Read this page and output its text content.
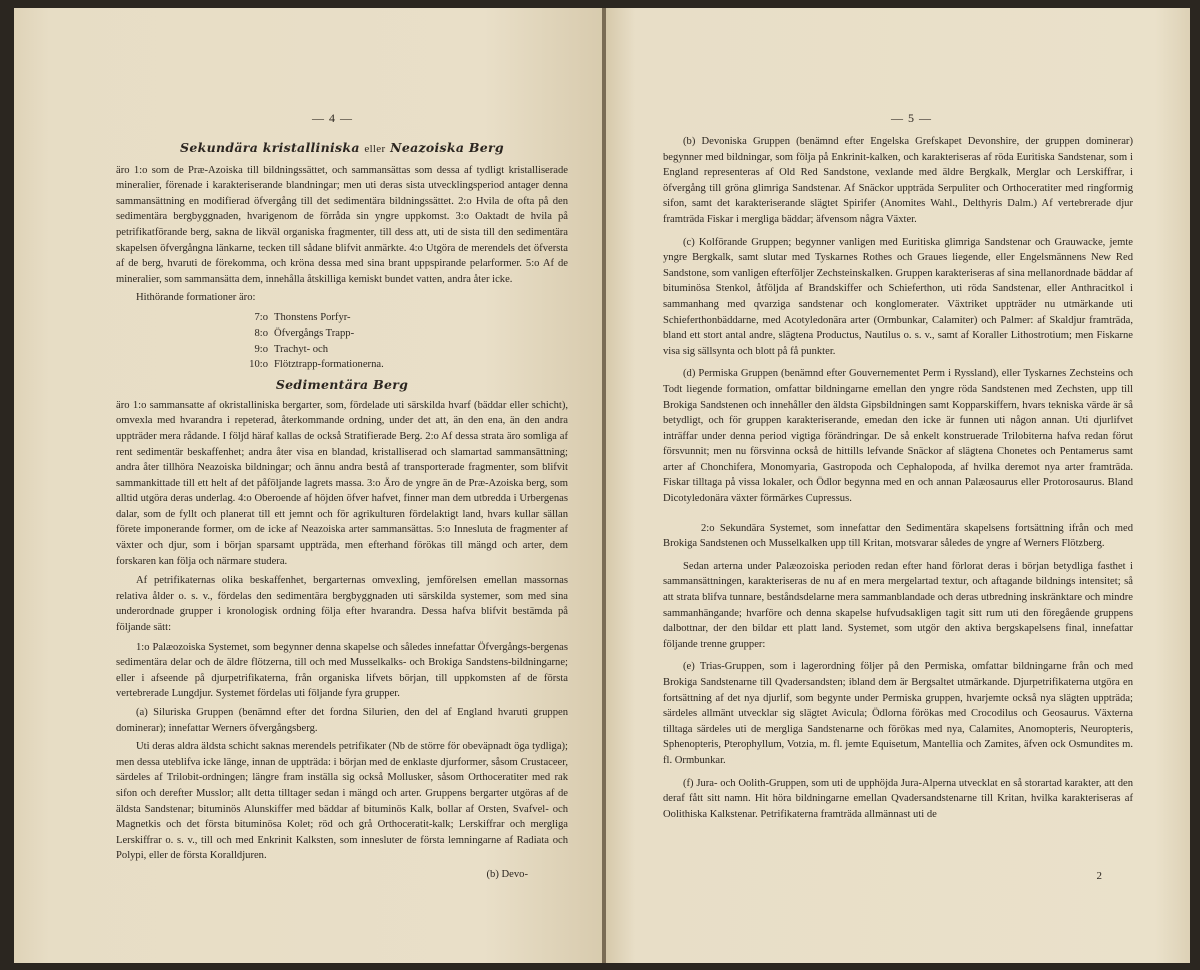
— 4 —
Sekundära kristalliniska eller Neazoiska Berg

äro 1:o som de Præ-Azoiska till bildningssättet, och sammansättas som dessa af tydligt kristalliserade mineralier, förenade i karakteriserande blandningar; men uti deras sista utvecklingsperiod antager denna sammansättning en modifierad öfvergång till det sedimentära bildningssättet. 2:o Hvila de ofta på den sedimentära bergbyggnaden, hvarigenom de förråda sin yngre uppkomst. 3:o Oaktadt de hvila på petrifikatförande berg, sakna de likväl organiska fragmenter, till dess att, uti de sista till den sedimentära skapelsen öfvergångna länkarne, tecken till sådane blifvit anmärkte. 4:o Utgöra de merendels det öfversta af de berg, hvaruti de förekomma, och kröna dessa med sina brant uppspirande pelarformer. 5:o Af de mineralier, som sammansätta dem, innehålla åtskilliga kemiskt bundet vatten, andra åter icke.

Hithörande formationer äro:

7:o Thonstens Porfyr-
8:o Öfvergångs Trapp-
9:o Trachyt- och
10:o Flötztrapp-formationerna.
Sedimentära Berg

äro 1:o sammansatte af okristalliniska bergarter, som, fördelade uti särskilda hvarf (bäddar eller schicht), omvexla med hvarandra i repeterad, återkommande ordning, under det att, än den ena, än den andra uppträder mera rådande. I följd häraf kallas de också Stratifierade Berg. 2:o Af dessa strata äro somliga af rent sedimentär beskaffenhet; andra åter visa en blandad, kristalliserad och slamartad sammansättning; andra åter tillhöra Neazoiska bildningar; och ännu andra bestå af transporterade fragmenter, som blifvit sammankittade till ett helt af det påföljande lagrets massa. 3:o Äro de yngre än de Præ-Azoiska berg, som alltid utgöra deras underlag. 4:o Oberoende af höjden öfver hafvet, finner man dem utbredda i Urbergenas dalar, som de fyllt och planerat till ett jemnt och för agrikulturen fördelaktigt land, hvars kullar sällan förete imponerande former, om de icke af Neazoiska arter sammansättas. 5:o Innesluta de fragmenter af växter och djur, som i början sparsamt uppträda, men efterhand förökas till mängd och arter, dem forskaren kan följa och närmare studera.

Af petrifikaternas olika beskaffenhet, bergarternas omvexling, jemförelsen emellan massornas relativa ålder o. s. v., fördelas den sedimentära bergbyggnaden uti särskilda systemer, som med sina underordnade grupper i kronologisk ordning följa efter hvarandra. Dessa hafva blifvit bestämda på följande sätt:

1:o Palæozoiska Systemet, som begynner denna skapelse och således innefattar Öfvergångs-bergenas sedimentära delar och de äldre flötzerna, till och med Musselkalks- och Brokiga Sandstens-bildningarne; eller i afseende på djurpetrifikaterna, från organiska lifvets början, till uppkomsten af de första vertebrerade Lungdjur. Systemet fördelas uti följande fyra grupper.

(a) Siluriska Gruppen (benämnd efter det fordna Silurien, den del af England hvaruti gruppen dominerar); innefattar Werners öfvergångsberg.

Uti deras aldra äldsta schicht saknas merendels petrifikater (Nb de större för obeväpnadt öga tydliga); men dessa uteblifva icke länge, innan de uppträda: i början med de enklaste djurformer, såsom Crustaceer, särdeles af Trilobit-ordningen; längre fram inställa sig också Mollusker, såsom Orthoceratiter med rak sifon och derefter Musslor; allt detta tilltager sedan i mängd och arter. Gruppens bergarter utgöras af de äldsta Sandstenar; bituminös Alunskiffer med bäddar af bituminös Kalk, bollar af Orsten, Svafvel- och Magnetkis och det första bituminösa Kolet; röd och grå Orthoceratit-kalk; Lerskiffrar och mergliga Lerskiffrar o. s. v., till och med Enkrinit Kalksten, som innesluter de första lemningarne af Radiata och Polypi, eller de första Koralldjuren.

(b) Devo-
— 5 —

(b) Devoniska Gruppen (benämnd efter Engelska Grefskapet Devonshire, der gruppen dominerar) begynner med bildningar, som följa på Enkrinit-kalken, och karakteriseras af röda Euritiska Sandstenar, som i England representeras af Old Red Sandstone, vexlande med äldre Bergkalk, Merglar och Lerskiffrar, i öfvergång till gröna glimriga Sandstenar. Af Snäckor uppträda Serpuliter och Orthoceratiter med ringformig sifon, samt det karakteriserande slägtet Spirifer (Anomites Wahl., Delthyris Dalm.) Af vertebrerade djur framträda Fiskar i mergliga bäddar; äfvensom några Växter.

(c) Kolförande Gruppen; begynner vanligen med Euritiska glimriga Sandstenar och Grauwacke, jemte yngre Bergkalk, samt slutar med Tyskarnes Rothes och Graues liegende, eller Engelsmännens New Red Sandstone, som vanligen efterföljer Zechsteinskalken. Gruppen karakteriseras af sina mellanordnade bäddar af bituminösa Stenkol, åtföljda af Brandskiffer och Schieferthon, uti röda Sandstenar, eller Anthracitkol i sammanhang med qvarziga sandstenar och konglomerater. Växtriket uppträder nu utmärkande uti Schieferthonbäddarne, med Acotyledonära arter (Ormbunkar, Calamiter) och Palmer: af Skaldjur framträda, bland ett stort antal andre, slägtena Productus, Nautilus o. s. v., samt af Koraller Lithostrotium; men Fiskarne visa sig sällsynta och blott på få punkter.

(d) Permiska Gruppen (benämnd efter Gouvernementet Perm i Ryssland), eller Tyskarnes Zechsteins och Todt liegende formation, omfattar bildningarne emellan den yngre röda Sandstenen med Zechsten, upp till Brokiga Sandstenen och innehåller den äldsta Gipsbildningen samt Kopparskiffern, hvars tekniska värde är så betydligt, och för gruppen karakteriserande, emedan den icke är funnen uti någon annan. Uti djurlifvet inträffar under denna period vigtiga förändringar. De så enkelt konstruerade Trilobiterna hafva redan förut försvunnit; men nu försvinna också de hittills lefvande Snäckor af slägtena Chonetes och Pentamerus samt arter af Chonchifera, Monomyaria, Gastropoda och Cephalopoda, af hvilka deremot nya arter framträda. Fiskar tilltaga på vissa lokaler, och Ödlor begynna med en och annan Palæosaurus eller Protorosaurus. Bland Dicotyledonära växter förmärkes Cupressus.

2:o Sekundära Systemet, som innefattar den Sedimentära skapelsens fortsättning ifrån och med Brokiga Sandstenen och Musselkalken upp till Kritan, motsvarar således de yngre af Werners Flötzberg.

Sedan arterna under Palæozoiska perioden redan efter hand förlorat deras i början betydliga fasthet i sammansättningen, karakteriseras de nu af en mera mergelartad textur, och aftagande bildnings intensitet; så att strata blifva tunnare, beståndsdelarne mera sammanblandade och deras utbredning inskränktare och mindre sammanhängande; hvarföre och denna skapelse hufvudsakligen tagit sitt rum uti den föregående gruppens dalbottnar, der den bildar ett platt land. Systemet, som utgör den aktiva bergskapelsens final, innefattar följande trenne grupper:

(e) Trias-Gruppen, som i lagerordning följer på den Permiska, omfattar bildningarne från och med Brokiga Sandstenarne till Qvadersandsten; ibland dem är Bergsaltet utmärkande. Djurpetrifikaterna utgöra en fortsättning af det nya djurlif, som begynte under Permiska gruppen, hvarjemte också nya slägten uppträda; särdeles allmänt utvecklar sig slägtet Avicula; Ödlorna förökas med Crocodilus och Geosaurus. Växterna tilltaga särdeles uti de mergliga Sandstenarne och förökas med nya, Calamites, Anomopteris, Neuropteris, Sphenopteris, Pterophyllum, Votzia, m. fl. jemte Equisetum, Mantellia och Zamites, äfven ock Osmundites m. fl. Ormbunkar.

(f) Jura- och Oolith-Gruppen, som uti de upphöjda Jura-Alperna utvecklat en så storartad karakter, att den deraf fått sitt namn. Hit höra bildningarne emellan Qvadersandstenarne till Kritan, hvilka karakteriseras af Oolithiska Kalkstenar. Petrifikaterna framträda allmännast uti de

2
